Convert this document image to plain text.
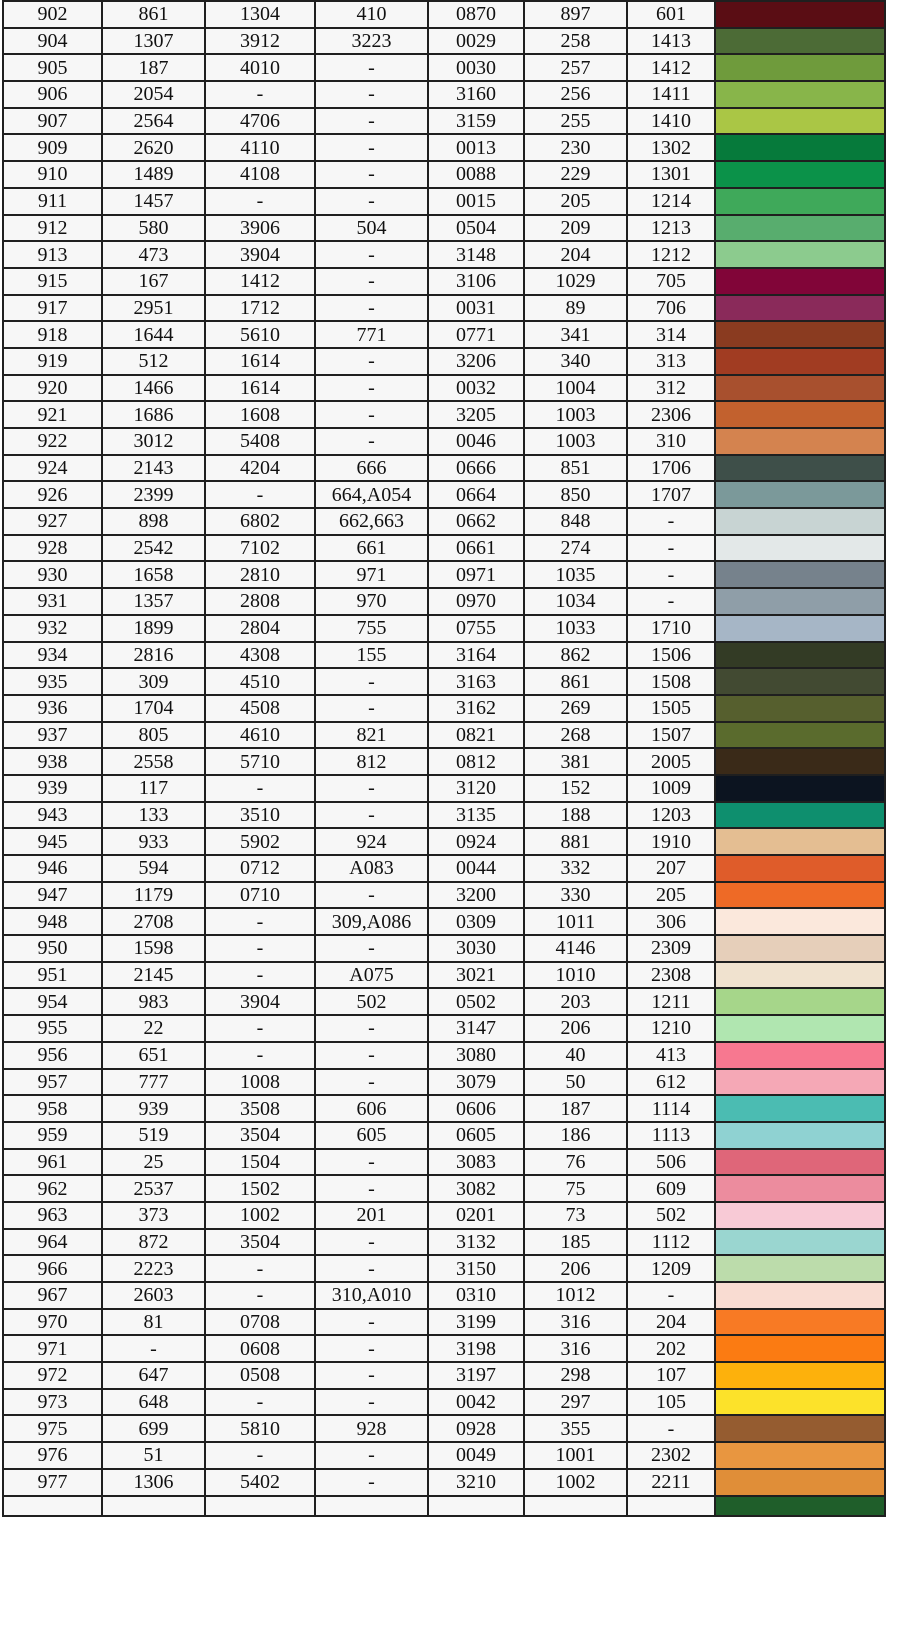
902	861	1304	410	0870	897	601	

904	1307	3912	3223	0029	258	1413	

905	187	4010	-	0030	257	1412	

906	2054	-	-	3160	256	1411	

907	2564	4706	-	3159	255	1410	

909	2620	4110	-	0013	230	1302	

910	1489	4108	-	0088	229	1301	

911	1457	-	-	0015	205	1214	

912	580	3906	504	0504	209	1213	

913	473	3904	-	3148	204	1212	

915	167	1412	-	3106	1029	705	

917	2951	1712	-	0031	89	706	

918	1644	5610	771	0771	341	314	

919	512	1614	-	3206	340	313	

920	1466	1614	-	0032	1004	312	

921	1686	1608	-	3205	1003	2306	

922	3012	5408	-	0046	1003	310	

924	2143	4204	666	0666	851	1706	

926	2399	-	664,A054	0664	850	1707	

927	898	6802	662,663	0662	848	-	

928	2542	7102	661	0661	274	-	

930	1658	2810	971	0971	1035	-	

931	1357	2808	970	0970	1034	-	

932	1899	2804	755	0755	1033	1710	

934	2816	4308	155	3164	862	1506	

935	309	4510	-	3163	861	1508	

936	1704	4508	-	3162	269	1505	

937	805	4610	821	0821	268	1507	

938	2558	5710	812	0812	381	2005	

939	117	-	-	3120	152	1009	

943	133	3510	-	3135	188	1203	

945	933	5902	924	0924	881	1910	

946	594	0712	A083	0044	332	207	

947	1179	0710	-	3200	330	205	

948	2708	-	309,A086	0309	1011	306	

950	1598	-	-	3030	4146	2309	

951	2145	-	A075	3021	1010	2308	

954	983	3904	502	0502	203	1211	

955	22	-	-	3147	206	1210	

956	651	-	-	3080	40	413	

957	777	1008	-	3079	50	612	

958	939	3508	606	0606	187	1114	

959	519	3504	605	0605	186	1113	

961	25	1504	-	3083	76	506	

962	2537	1502	-	3082	75	609	

963	373	1002	201	0201	73	502	

964	872	3504	-	3132	185	1112	

966	2223	-	-	3150	206	1209	

967	2603	-	310,A010	0310	1012	-	

970	81	0708	-	3199	316	204	

971	-	0608	-	3198	316	202	

972	647	0508	-	3197	298	107	

973	648	-	-	0042	297	105	

975	699	5810	928	0928	355	-	

976	51	-	-	0049	1001	2302	

977	1306	5402	-	3210	1002	2211	
